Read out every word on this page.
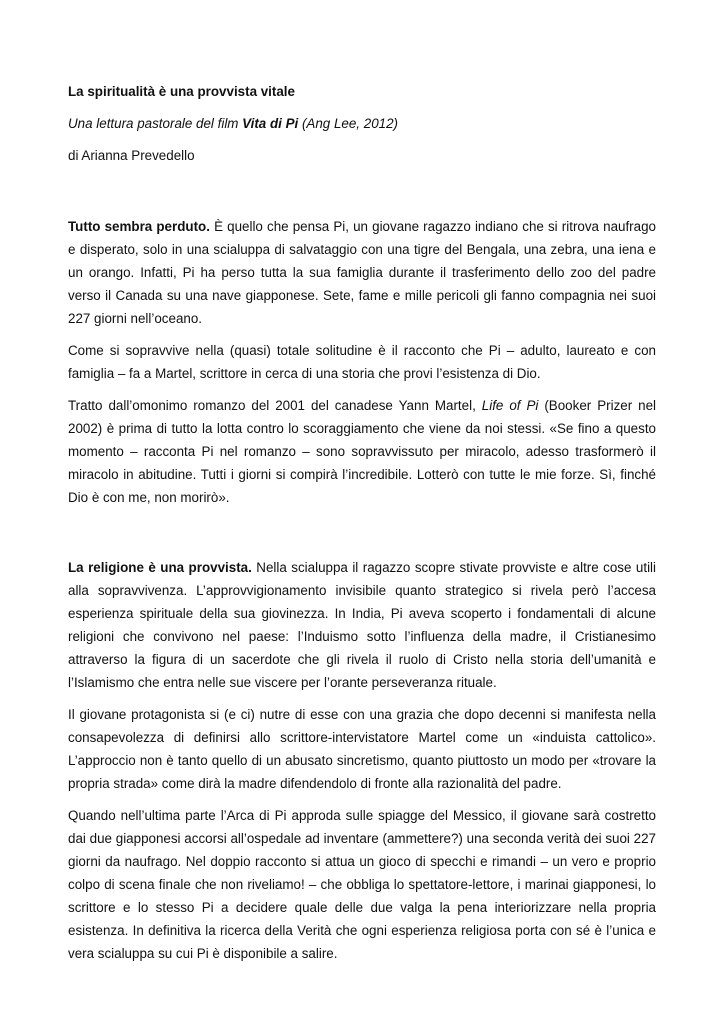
La spiritualità è una provvista vitale
Una lettura pastorale del film Vita di Pi (Ang Lee, 2012)
di Arianna Prevedello

Tutto sembra perduto. È quello che pensa Pi, un giovane ragazzo indiano che si ritrova naufrago e disperato, solo in una scialuppa di salvataggio con una tigre del Bengala, una zebra, una iena e un orango. Infatti, Pi ha perso tutta la sua famiglia durante il trasferimento dello zoo del padre verso il Canada su una nave giapponese. Sete, fame e mille pericoli gli fanno compagnia nei suoi 227 giorni nell’oceano.

Come si sopravvive nella (quasi) totale solitudine è il racconto che Pi – adulto, laureato e con famiglia – fa a Martel, scrittore in cerca di una storia che provi l’esistenza di Dio.

Tratto dall’omonimo romanzo del 2001 del canadese Yann Martel, Life of Pi (Booker Prizer nel 2002) è prima di tutto la lotta contro lo scoraggiamento che viene da noi stessi. «Se fino a questo momento – racconta Pi nel romanzo – sono sopravvissuto per miracolo, adesso trasformerò il miracolo in abitudine. Tutti i giorni si compirà l’incredibile. Lotterò con tutte le mie forze. Sì, finché Dio è con me, non morirò».

La religione è una provvista. Nella scialuppa il ragazzo scopre stivate provviste e altre cose utili alla sopravvivenza. L’approvvigionamento invisibile quanto strategico si rivela però l’accesa esperienza spirituale della sua giovinezza. In India, Pi aveva scoperto i fondamentali di alcune religioni che convivono nel paese: l’Induismo sotto l’influenza della madre, il Cristianesimo attraverso la figura di un sacerdote che gli rivela il ruolo di Cristo nella storia dell’umanità e l’Islamismo che entra nelle sue viscere per l’orante perseveranza rituale.

Il giovane protagonista si (e ci) nutre di esse con una grazia che dopo decenni si manifesta nella consapevolezza di definirsi allo scrittore-intervistatore Martel come un «induista cattolico». L’approccio non è tanto quello di un abusato sincretismo, quanto piuttosto un modo per «trovare la propria strada» come dirà la madre difendendolo di fronte alla razionalità del padre.

Quando nell’ultima parte l’Arca di Pi approda sulle spiagge del Messico, il giovane sarà costretto dai due giapponesi accorsi all’ospedale ad inventare (ammettere?) una seconda verità dei suoi 227 giorni da naufrago. Nel doppio racconto si attua un gioco di specchi e rimandi – un vero e proprio colpo di scena finale che non riveliamo! – che obbliga lo spettatore-lettore, i marinai giapponesi, lo scrittore e lo stesso Pi a decidere quale delle due valga la pena interiorizzare nella propria esistenza. In definitiva la ricerca della Verità che ogni esperienza religiosa porta con sé è l’unica e vera scialuppa su cui Pi è disponibile a salire.
